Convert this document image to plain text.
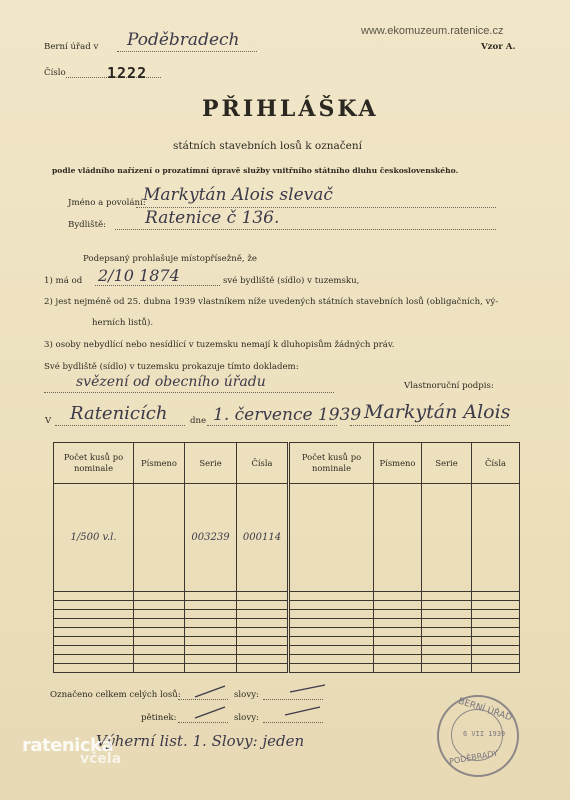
Berní úřad v Poděbradech	www.ekomuzeum.ratenice.cz
Vzor A.
Číslo	1222
PŘIHLÁŠKA
státních stavebních losů k označení
podle vládního nařízení o prozatímní úpravě služby vnitřního státního dluhu československého.
Jméno a povolání:
Markytán Alois slevač
Bydliště: Ratenice č 136.
Podepsaný prohlašuje místopřísežně, že
1) má od 2/10 1874	své bydliště (sídlo) v tuzemsku,
2) jest nejméně od 25. dubna 1939 vlastníkem níže uvedených státních stavebních losů (obligačních, vý-
herních listů).
3) osoby nebydlící nebo nesídlící v tuzemsku nemají k dluhopisům žádných práv.
Své bydliště (sídlo) v tuzemsku prokazuje tímto dokladem:
svězení od obecního úřadu	Vlastnoruční podpis:
V Ratenicích	dne 1. července 1939 Markytán Alois
Počet kusů po nominale	Písmeno	Serie	Čísla	Počet kusů po nominale	Písmeno	Serie	Čísla
1/500 v.l.		003239	000114				

Označeno celkem celých losů:	slovy:
pětinek:	slovy:
Výherní list. 1. Slovy: jeden
BERNÍ ÚŘAD
6 VII 1939
PODĚBRADY
ratenická
včela
